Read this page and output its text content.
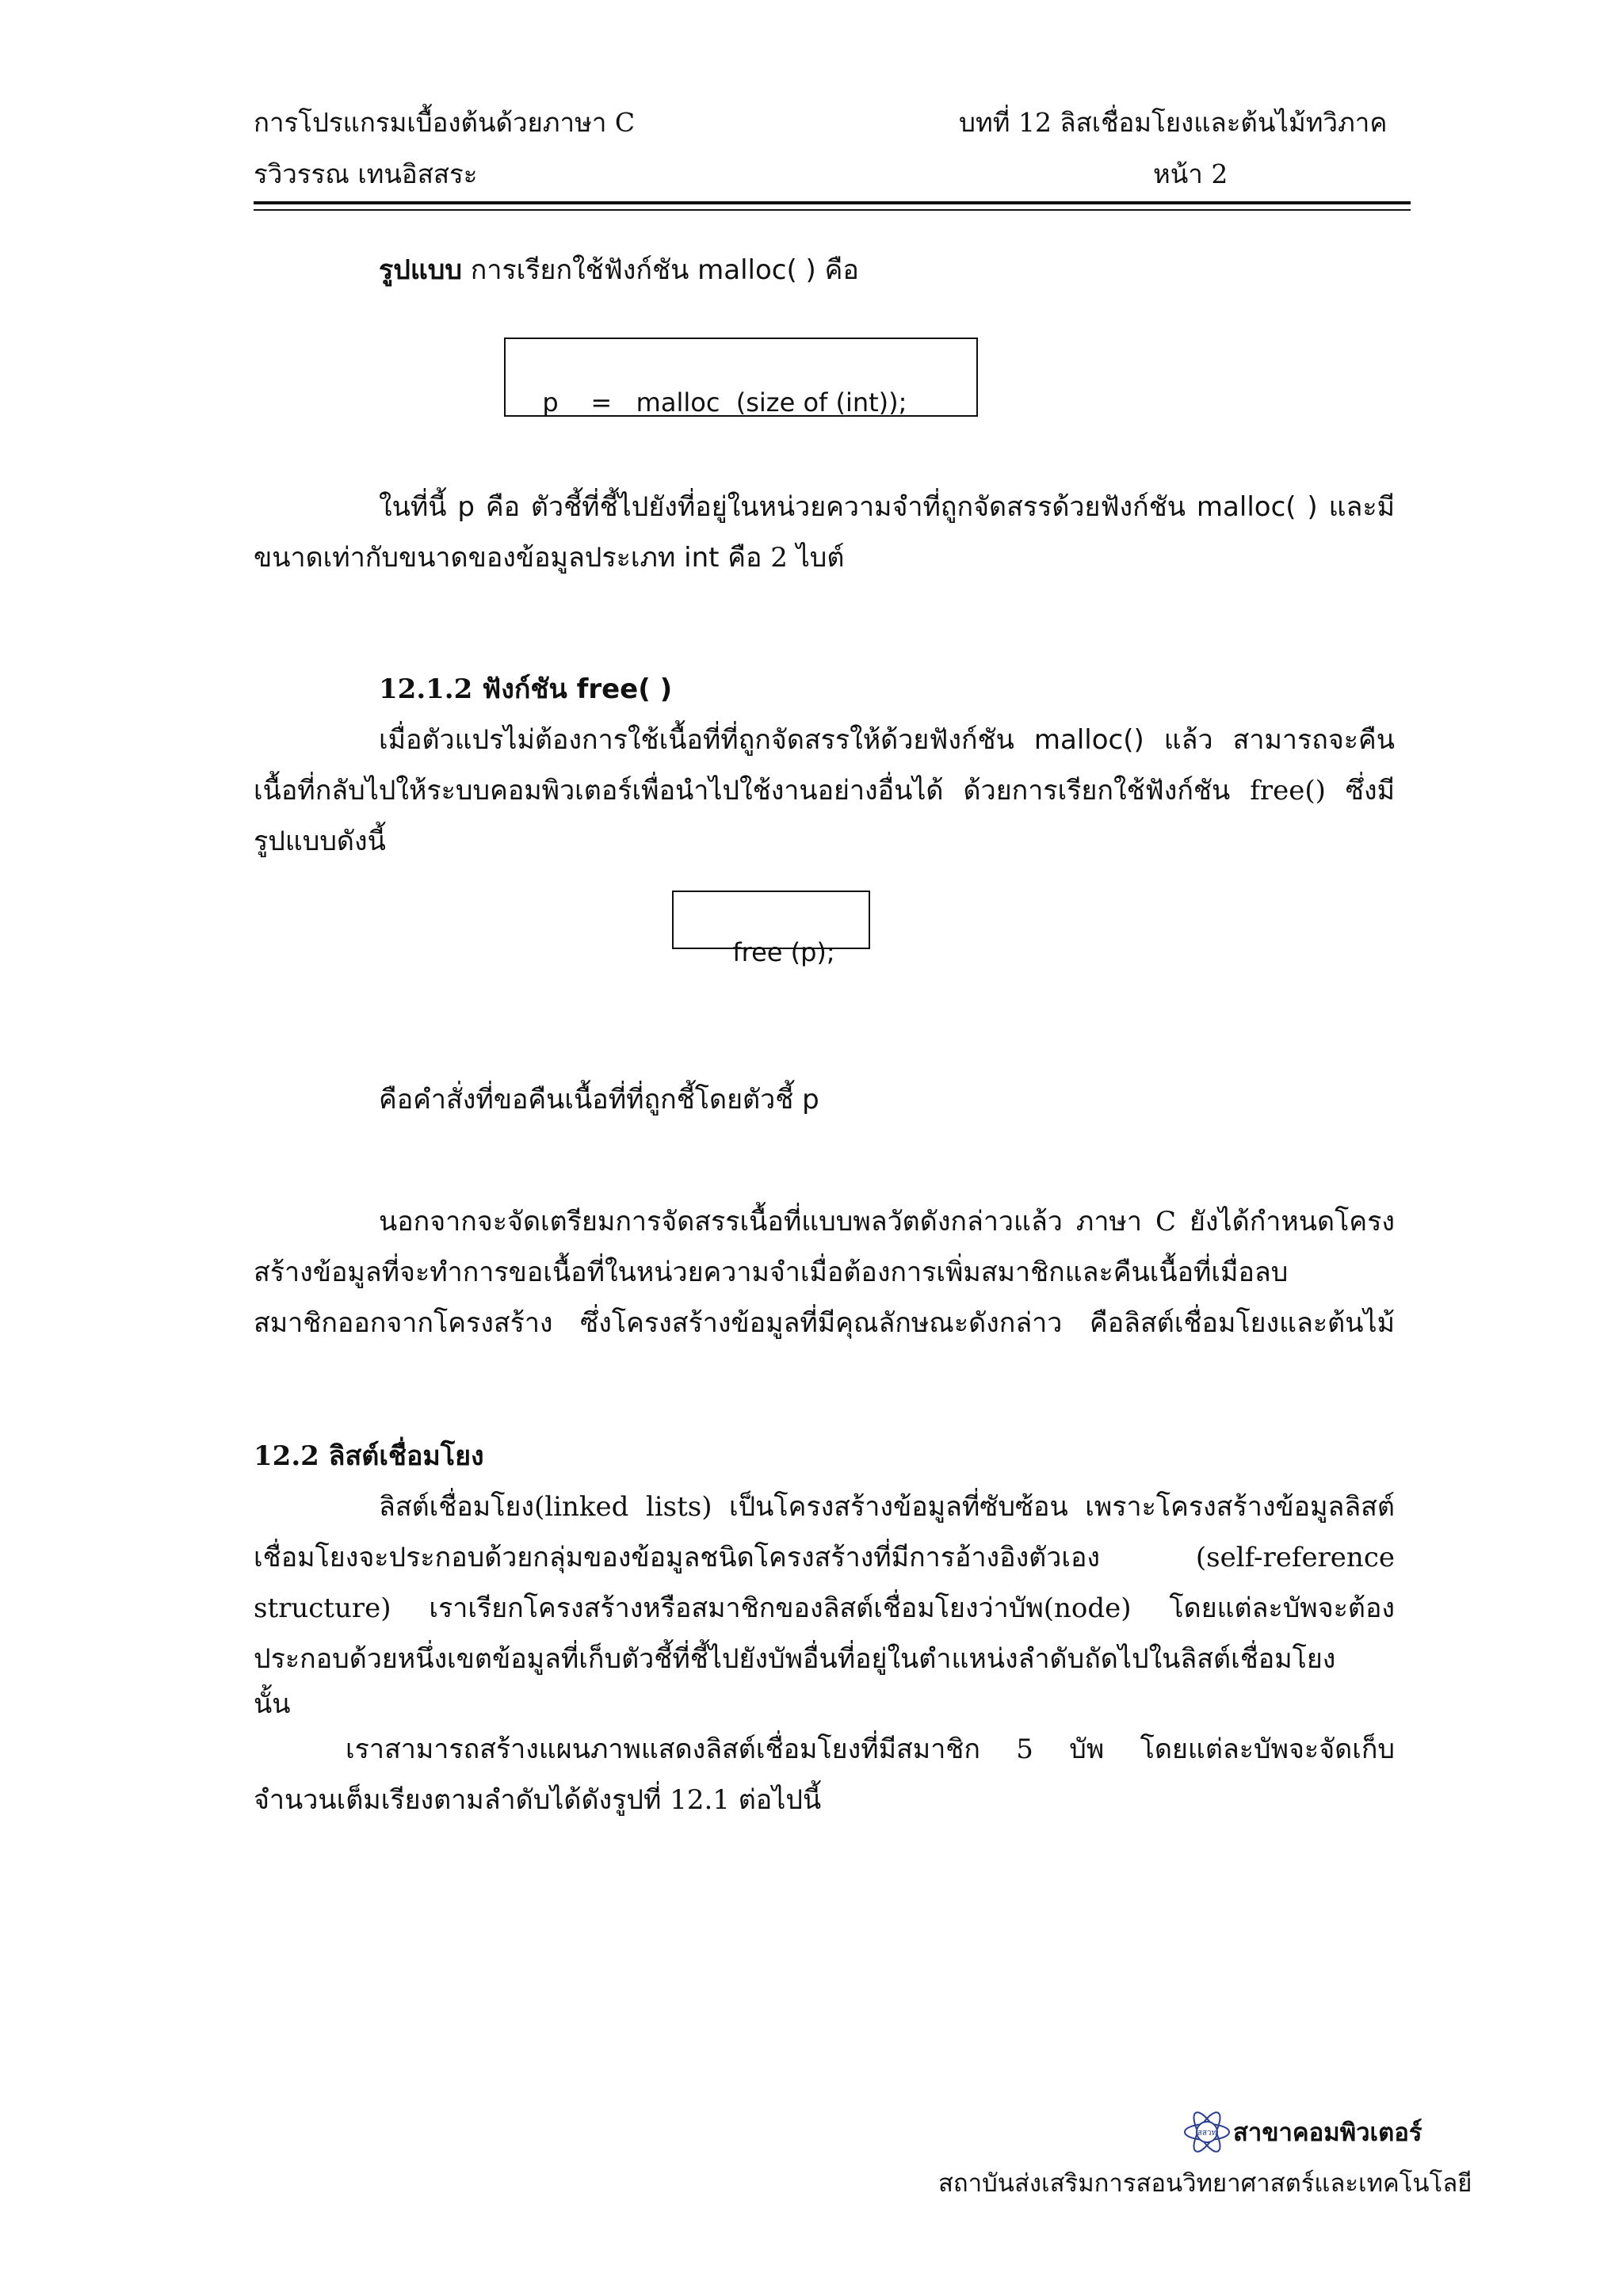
การโปรแกรมเบื้องต้นด้วยภาษา C	บทที่ 12 ลิสเชื่อมโยงและต้นไม้ทวิภาค
รวิวรรณ เทนอิสสระ	หน้า 2
รูปแบบ การเรียกใช้ฟังก์ชัน malloc( ) คือ

p    =   malloc  (size of (int));

ในที่นี้ p คือ ตัวชี้ที่ชี้ไปยังที่อยู่ในหน่วยความจำที่ถูกจัดสรรด้วยฟังก์ชัน malloc( ) และมี
ขนาดเท่ากับขนาดของข้อมูลประเภท int คือ 2 ไบต์
12.1.2 ฟังก์ชัน free( )
เมื่อตัวแปรไม่ต้องการใช้เนื้อที่ที่ถูกจัดสรรให้ด้วยฟังก์ชัน malloc() แล้ว สามารถจะคืน
เนื้อที่กลับไปให้ระบบคอมพิวเตอร์เพื่อนำไปใช้งานอย่างอื่นได้ ด้วยการเรียกใช้ฟังก์ชัน free() ซึ่งมี
รูปแบบดังนี้

free (p);

คือคำสั่งที่ขอคืนเนื้อที่ที่ถูกชี้โดยตัวชี้ p
นอกจากจะจัดเตรียมการจัดสรรเนื้อที่แบบพลวัตดังกล่าวแล้ว ภาษา C ยังได้กำหนดโครง
สร้างข้อมูลที่จะทำการขอเนื้อที่ในหน่วยความจำเมื่อต้องการเพิ่มสมาชิกและคืนเนื้อที่เมื่อลบ
สมาชิกออกจากโครงสร้าง ซึ่งโครงสร้างข้อมูลที่มีคุณลักษณะดังกล่าว คือลิสต์เชื่อมโยงและต้นไม้
12.2 ลิสต์เชื่อมโยง
ลิสต์เชื่อมโยง(linked lists) เป็นโครงสร้างข้อมูลที่ซับซ้อน เพราะโครงสร้างข้อมูลลิสต์
เชื่อมโยงจะประกอบด้วยกลุ่มของข้อมูลชนิดโครงสร้างที่มีการอ้างอิงตัวเอง (self-reference
structure) เราเรียกโครงสร้างหรือสมาชิกของลิสต์เชื่อมโยงว่าบัพ(node) โดยแต่ละบัพจะต้อง
ประกอบด้วยหนึ่งเขตข้อมูลที่เก็บตัวชี้ที่ชี้ไปยังบัพอื่นที่อยู่ในตำแหน่งลำดับถัดไปในลิสต์เชื่อมโยง
นั้น
เราสามารถสร้างแผนภาพแสดงลิสต์เชื่อมโยงที่มีสมาชิก 5 บัพ โดยแต่ละบัพจะจัดเก็บ
จำนวนเต็มเรียงตามลำดับได้ดังรูปที่ 12.1 ต่อไปนี้
สสวท สาขาคอมพิวเตอร์
สถาบันส่งเสริมการสอนวิทยาศาสตร์และเทคโนโลยี
